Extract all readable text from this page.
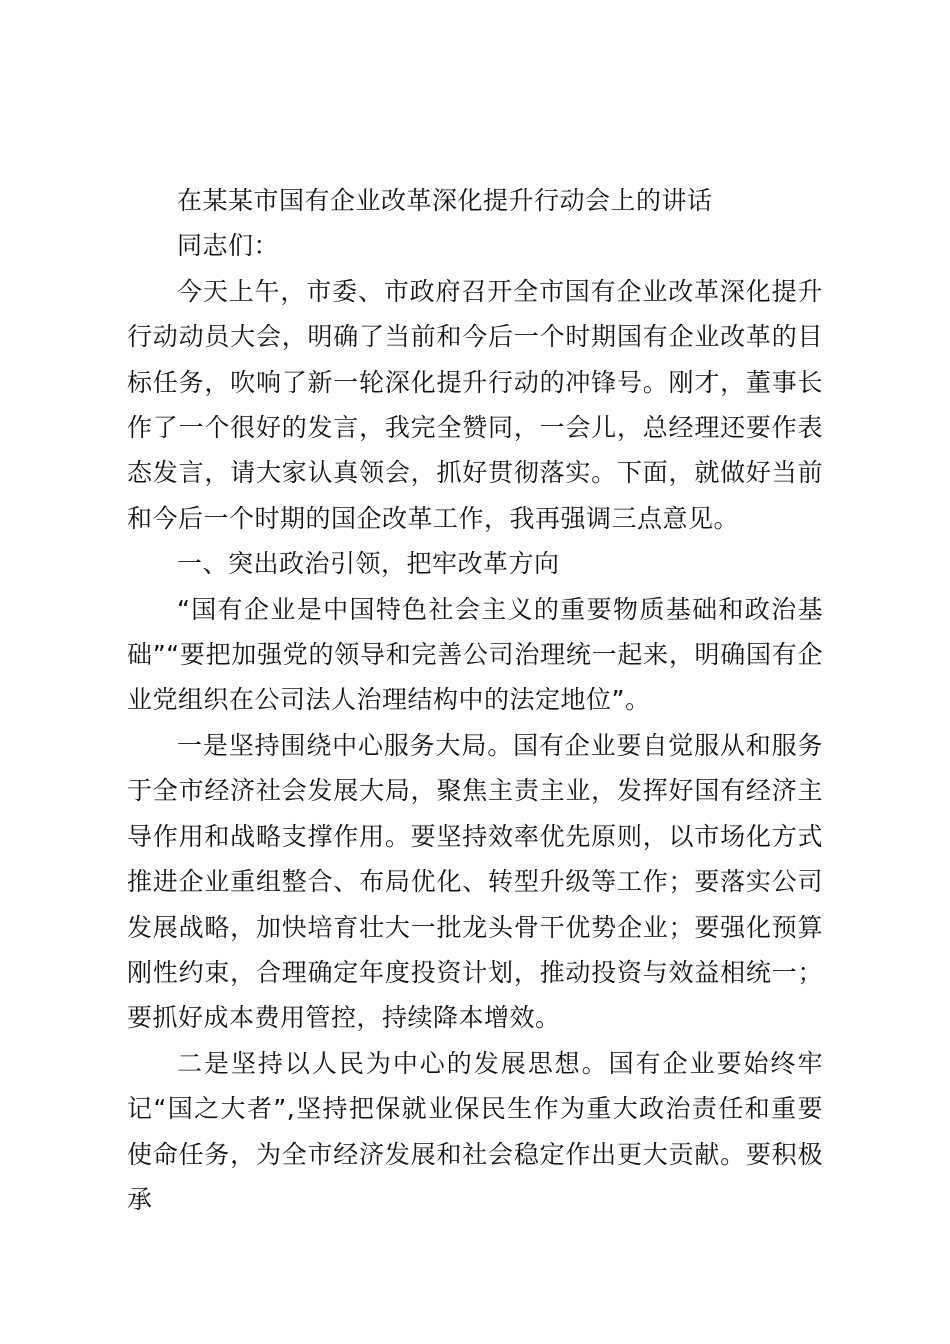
在某某市国有企业改革深化提升行动会上的讲话

同志们：

今天上午，市委、市政府召开全市国有企业改革深化提升行动动员大会，明确了当前和今后一个时期国有企业改革的目标任务，吹响了新一轮深化提升行动的冲锋号。刚才，董事长作了一个很好的发言，我完全赞同，一会儿，总经理还要作表态发言，请大家认真领会，抓好贯彻落实。下面，就做好当前和今后一个时期的国企改革工作，我再强调三点意见。

一、突出政治引领，把牢改革方向

“国有企业是中国特色社会主义的重要物质基础和政治基础”“要把加强党的领导和完善公司治理统一起来，明确国有企业党组织在公司法人治理结构中的法定地位”。

一是坚持围绕中心服务大局。国有企业要自觉服从和服务于全市经济社会发展大局，聚焦主责主业，发挥好国有经济主导作用和战略支撑作用。要坚持效率优先原则，以市场化方式推进企业重组整合、布局优化、转型升级等工作；要落实公司发展战略，加快培育壮大一批龙头骨干优势企业；要强化预算刚性约束，合理确定年度投资计划，推动投资与效益相统一；要抓好成本费用管控，持续降本增效。

二是坚持以人民为中心的发展思想。国有企业要始终牢记“国之大者”,坚持把保就业保民生作为重大政治责任和重要使命任务，为全市经济发展和社会稳定作出更大贡献。要积极承
